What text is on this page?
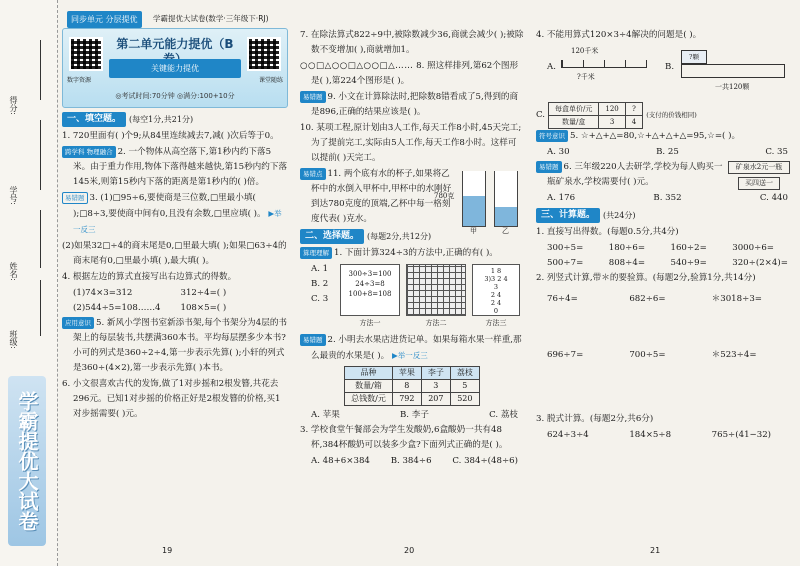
得分:
学号:
姓名:
班级:
学霸提优大试卷
同步单元 分层提优	学霸提优大试卷(数学·三年级下·RJ)
数字资源	课堂随练
第二单元能力提优（B
关键能力提优
◎考试时间:70分钟 ◎满分:100+10分
一、填空题。	(每空1分,共21分)
1. 720里面有( )个9;从84里连续减去7,减( )次后等于0。
跨学科 物理融合 2. 一个物体从高空落下,第1秒内约下落5米。由于重力作用,物体下落得越来越快,第15秒内约下落145米,则第15秒内下落的距离是第1秒内的( )倍。
易错题 3. (1)□95÷6,要使商是三位数,□里最小填( );□8÷3,要使商中间有0,且没有余数,□里应填( )。 ▶举一反三
(2)如果32□÷4的商末尾是0,□里最大填( );如果□63÷4的商末尾有0,□里最小填( ),最大填( )。
4. 根据左边的算式直接写出右边算式的得数。
(1)74×3=312	312÷4=( )
(2)544÷5=108……4	108×5=( )
应用意识 5. 新风小学图书室新添书架,每个书架分为4层的书架上的每层装书,共摆满360本书。平均每层摆多少本书?小可的列式是360÷2÷4,第一步表示先算( );小轩的列式是360÷(4×2),第一步表示先算( )本书。
6. 小文很喜欢古代的发饰,做了1对步摇和2根发簪,共花去296元。已知1对步摇的价格正好是2根发簪的价格,买1对步摇需要( )元。
19
7. 在除法算式822÷9中,被除数减少36,商就会减少( );被除数不变增加( ),商就增加1。
○○□△○○□△○○□△…… 8. 照这样排列,第62个图形是( ),第224个图形是( )。
易错题 9. 小文在计算除法时,把除数8错看成了5,得到的商是896,正确的结果应该是( )。
10. 某项工程,原计划由3人工作,每天工作8小时,45天完工;为了提前完工,实际由5人工作,每天工作8小时。这样可以提前( )天完工。
易错点 11. 两个底有水的杯子,如果将乙杯中的水倒入甲杯中,甲杯中的水刚好到达780克度的顶端,乙杯中每一格刻度代表( )克水。
甲	乙
780克
二、选择题。	(每题2分,共12分)
算理理解 1. 下面计算324÷3的方法中,正确的有( )。
A. 1
B. 2
C. 3
300÷3=100
24÷3=8
100+8=108
方法一	方法二
1 8
3)3 2 4
3
2 4
2 4
0
方法三
易错题 2. 小明去水果店进货记单。如果每箱水果一样重,那么最贵的水果是( )。 ▶举一反三
品种	苹果	李子	荔枝
数量/箱	8	3	5
总钱数/元	792	207	520
A. 苹果	B. 李子	C. 荔枝
3. 学校食堂午餐部会为学生发酸奶,6盒酸奶一共有48杯,384杯酸奶可以装多少盒?下面列式正确的是( )。
A. 48+6×384 B. 384÷6 C. 384÷(48÷6)
20
4. 不能用算式120×3÷4解决的问题是( )。
A.
120千米
?千米
B.
?颗
一共120颗
C.
每盒单价/元	120	?
数量/盒	3	4
(支付的价钱相同)
符号意识 5. ☆+△+△=80,☆+△+△+△=95,☆=( )。
A. 30	B. 25	C. 35
易错题 6. 三年级220人去研学,学校为每人购买一瓶矿泉水,学校需要付( )元。
矿泉水2元一瓶 买四送一
A. 176	B. 352	C. 440
三、计算题。	(共24分)
1. 直接写出得数。(每题0.5分,共4分)
300÷5=	180÷6=	160÷2=	3000÷6=
500÷7=	808÷4=	540÷9=	320÷(2×4)=
2. 列竖式计算,带＊的要验算。(每题2分,验算1分,共14分)
76÷4=	682÷6=	＊3018÷3=
696÷7=	700÷5=	＊523÷4=
3. 脱式计算。(每题2分,共6分)
624÷3÷4	184×5÷8	765÷(41−32)
21
